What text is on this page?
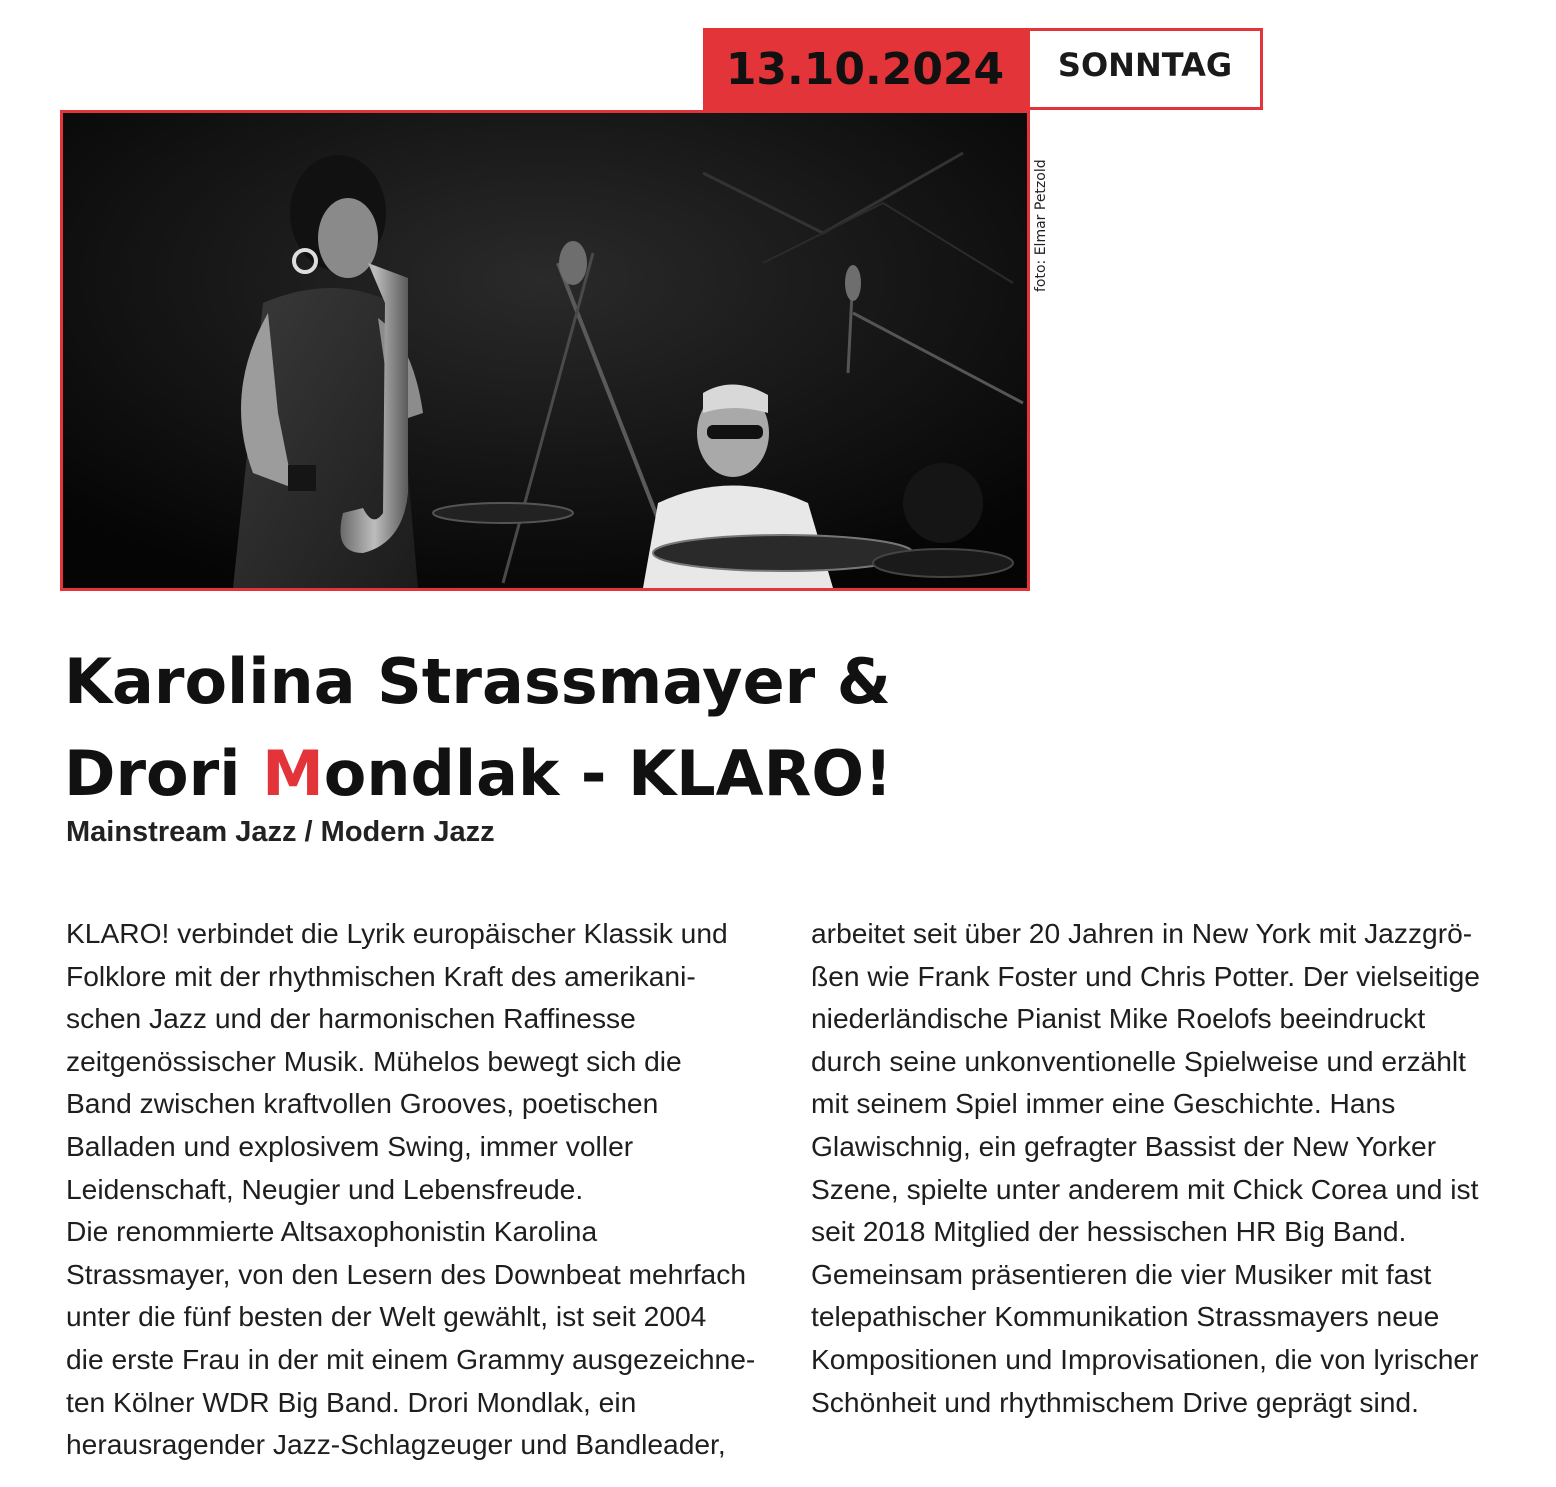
13.10.2024	SONNTAG
foto: Elmar Petzold
Karolina Strassmayer &
Drori Mondlak - KLARO!
Mainstream Jazz / Modern Jazz
KLARO! verbindet die Lyrik europäischer Klassik und
Folklore mit der rhythmischen Kraft des amerikani-
schen Jazz und der harmonischen Raffinesse
zeitgenössischer Musik. Mühelos bewegt sich die
Band zwischen kraftvollen Grooves, poetischen
Balladen und explosivem Swing, immer voller
Leidenschaft, Neugier und Lebensfreude.
Die renommierte Altsaxophonistin Karolina
Strassmayer, von den Lesern des Downbeat mehrfach
unter die fünf besten der Welt gewählt, ist seit 2004
die erste Frau in der mit einem Grammy ausgezeichne-
ten Kölner WDR Big Band. Drori Mondlak, ein
herausragender Jazz-Schlagzeuger und Bandleader,
arbeitet seit über 20 Jahren in New York mit Jazzgrö-
ßen wie Frank Foster und Chris Potter. Der vielseitige
niederländische Pianist Mike Roelofs beeindruckt
durch seine unkonventionelle Spielweise und erzählt
mit seinem Spiel immer eine Geschichte. Hans
Glawischnig, ein gefragter Bassist der New Yorker
Szene, spielte unter anderem mit Chick Corea und ist
seit 2018 Mitglied der hessischen HR Big Band.
Gemeinsam präsentieren die vier Musiker mit fast
telepathischer Kommunikation Strassmayers neue
Kompositionen und Improvisationen, die von lyrischer
Schönheit und rhythmischem Drive geprägt sind.
